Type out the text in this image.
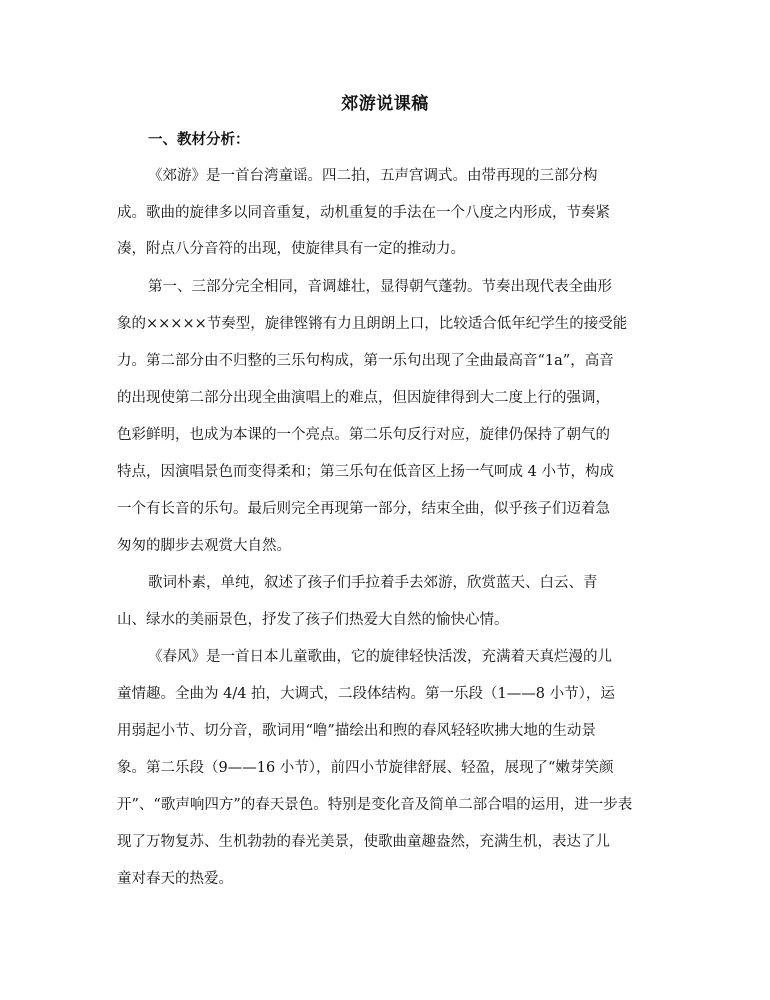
郊游说课稿
一、教材分析：
《郊游》是一首台湾童谣。四二拍，五声宫调式。由带再现的三部分构
成。歌曲的旋律多以同音重复，动机重复的手法在一个八度之内形成，节奏紧
凑，附点八分音符的出现，使旋律具有一定的推动力。
第一、三部分完全相同，音调雄壮，显得朝气蓬勃。节奏出现代表全曲形
象的×××××节奏型，旋律铿锵有力且朗朗上口，比较适合低年纪学生的接受能
力。第二部分由不归整的三乐句构成，第一乐句出现了全曲最高音“1a”，高音
的出现使第二部分出现全曲演唱上的难点，但因旋律得到大二度上行的强调，
色彩鲜明，也成为本课的一个亮点。第二乐句反行对应，旋律仍保持了朝气的
特点，因演唱景色而变得柔和；第三乐句在低音区上扬一气呵成 4 小节，构成
一个有长音的乐句。最后则完全再现第一部分，结束全曲，似乎孩子们迈着急
匆匆的脚步去观赏大自然。
歌词朴素，单纯，叙述了孩子们手拉着手去郊游，欣赏蓝天、白云、青
山、绿水的美丽景色，抒发了孩子们热爱大自然的愉快心情。
《春风》是一首日本儿童歌曲，它的旋律轻快活泼，充满着天真烂漫的儿
童情趣。全曲为 4/4 拍，大调式，二段体结构。第一乐段（1——8 小节），运
用弱起小节、切分音，歌词用“噜”描绘出和煦的春风轻轻吹拂大地的生动景
象。第二乐段（9——16 小节），前四小节旋律舒展、轻盈，展现了“嫩芽笑颜
开”、“歌声响四方”的春天景色。特别是变化音及简单二部合唱的运用，进一步表
现了万物复苏、生机勃勃的春光美景，使歌曲童趣盎然，充满生机，表达了儿
童对春天的热爱。
